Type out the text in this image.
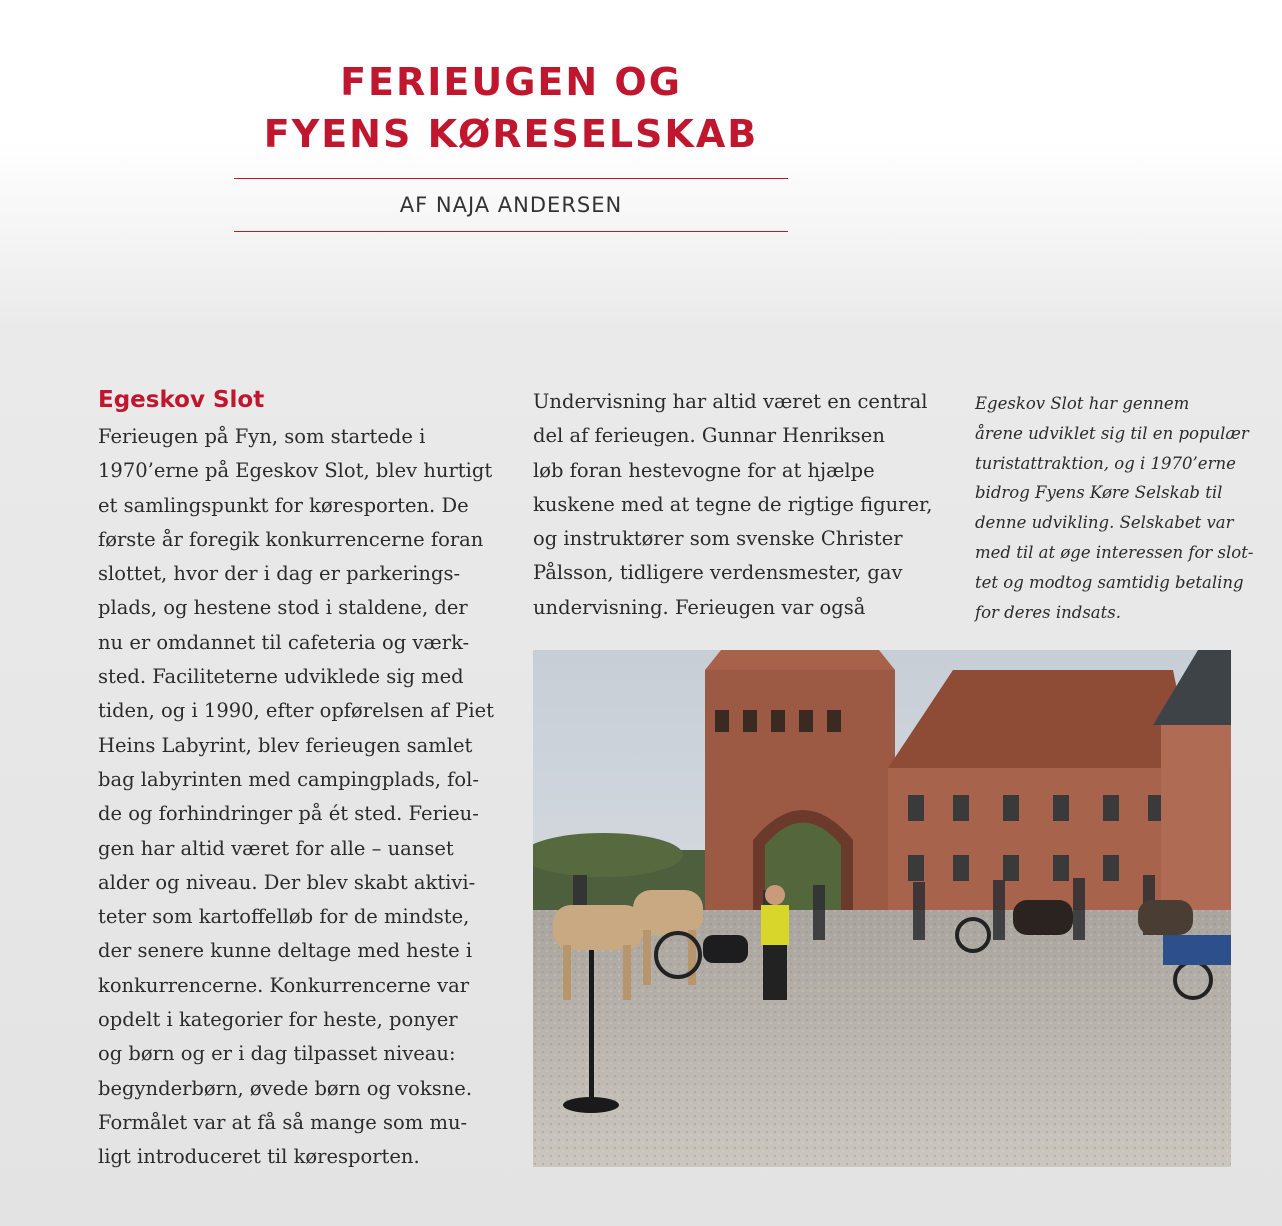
FERIEUGEN OG
FYENS KØRESELSKAB
AF NAJA ANDERSEN
Egeskov Slot
Ferieugen på Fyn, som startede i
1970’erne på Egeskov Slot, blev hurtigt
et samlingspunkt for køresporten. De
første år foregik konkurrencerne foran
slottet, hvor der i dag er parkerings-
plads, og hestene stod i staldene, der
nu er omdannet til cafeteria og værk-
sted. Faciliteterne udviklede sig med
tiden, og i 1990, efter opførelsen af Piet
Heins Labyrint, blev ferieugen samlet
bag labyrinten med campingplads, fol-
de og forhindringer på ét sted. Ferieu-
gen har altid været for alle – uanset
alder og niveau. Der blev skabt aktivi-
teter som kartoffelløb for de mindste,
der senere kunne deltage med heste i
konkurrencerne. Konkurrencerne var
opdelt i kategorier for heste, ponyer
og børn og er i dag tilpasset niveau:
begynderbørn, øvede børn og voksne.
Formålet var at få så mange som mu-
ligt introduceret til køresporten.
Undervisning har altid været en central
del af ferieugen. Gunnar Henriksen
løb foran hestevogne for at hjælpe
kuskene med at tegne de rigtige figurer,
og instruktører som svenske Christer
Pålsson, tidligere verdensmester, gav
undervisning. Ferieugen var også
Egeskov Slot har gennem
årene udviklet sig til en populær
turistattraktion, og i 1970’erne
bidrog Fyens Køre Selskab til
denne udvikling. Selskabet var
med til at øge interessen for slot-
tet og modtog samtidig betaling
for deres indsats.
